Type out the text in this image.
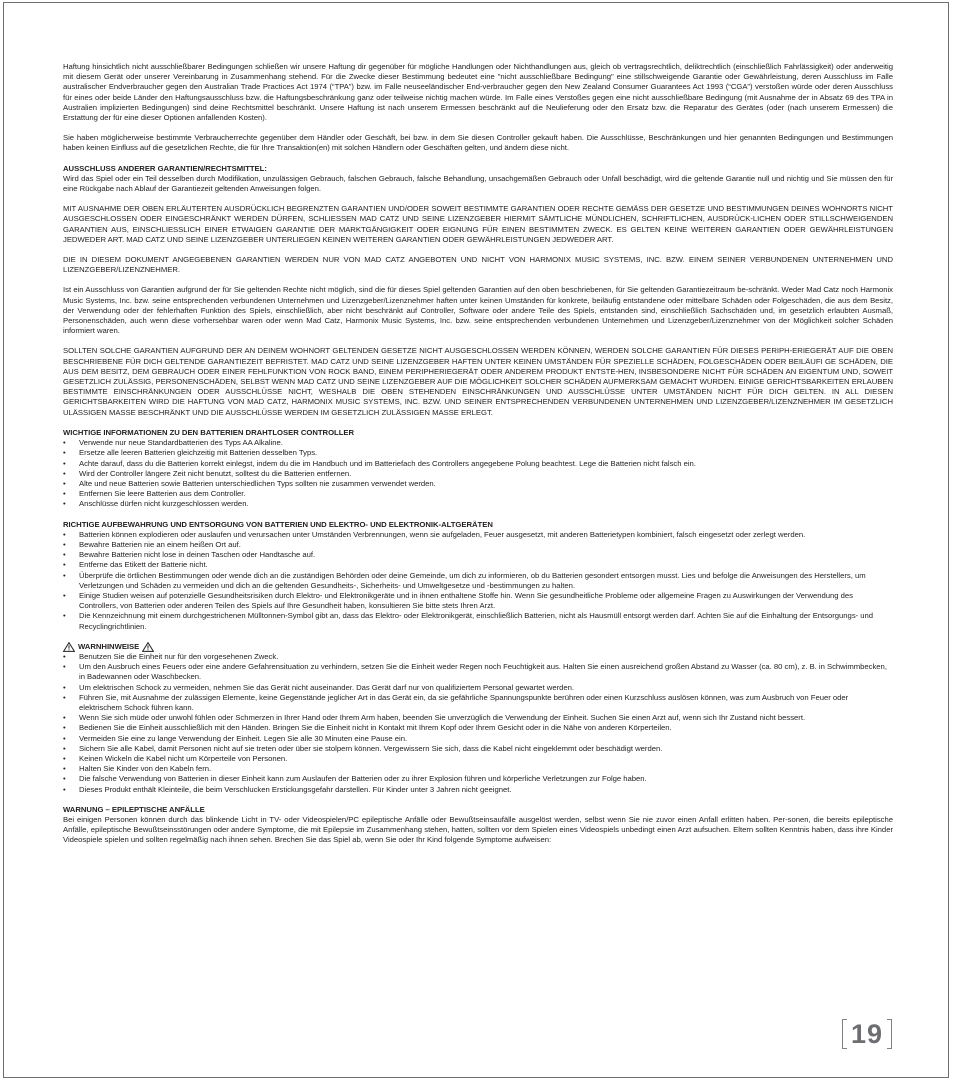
Haftung hinsichtlich nicht ausschließbarer Bedingungen schließen wir unsere Haftung dir gegenüber für mögliche Handlungen oder Nichthandlungen aus, gleich ob vertragsrechtlich, deliktrechtlich (einschließlich Fahrlässigkeit) oder anderweitig mit diesem Gerät oder unserer Vereinbarung in Zusammenhang stehend. Für die Zwecke dieser Bestimmung bedeutet eine "nicht ausschließbare Bedingung" eine stillschweigende Garantie oder Gewährleistung, deren Ausschluss im Falle australischer Endverbraucher gegen den Australian Trade Practices Act 1974 (“TPA”) bzw. im Falle neuseeländischer End-verbraucher gegen den New Zealand Consumer Guarantees Act 1993 (“CGA”) verstoßen würde oder deren Ausschluss für eines oder beide Länder den Haftungsausschluss bzw. die Haftungsbeschränkung ganz oder teilweise nichtig machen würde. Im Falle eines Verstoßes gegen eine nicht ausschließbare Bedingung (mit Ausnahme der in Absatz 69 des TPA in Australien implizierten Bedingungen) sind deine Rechtsmittel beschränkt. Unsere Haftung ist nach unserem Ermessen beschränkt auf die Neulieferung oder den Ersatz bzw. die Reparatur des Gerätes (oder (nach unserem Ermessen) die Erstattung der für eine dieser Optionen anfallenden Kosten).

Sie haben möglicherweise bestimmte Verbraucherrechte gegenüber dem Händler oder Geschäft, bei bzw. in dem Sie diesen Controller gekauft haben. Die Ausschlüsse, Beschränkungen und hier genannten Bedingungen und Bestimmungen haben keinen Einfluss auf die gesetzlichen Rechte, die für Ihre Transaktion(en) mit solchen Händlern oder Geschäften gelten, und ändern diese nicht.

AUSSCHLUSS ANDERER GARANTIEN/RECHTSMITTEL:

Wird das Spiel oder ein Teil desselben durch Modifikation, unzulässigen Gebrauch, falschen Gebrauch, falsche Behandlung, unsachgemäßen Gebrauch oder Unfall beschädigt, wird die geltende Garantie null und nichtig und Sie müssen den für eine Rückgabe nach Ablauf der Garantiezeit geltenden Anweisungen folgen.

MIT AUSNAHME DER OBEN ERLÄUTERTEN AUSDRÜCKLICH BEGRENZTEN GARANTIEN UND/ODER SOWEIT BESTIMMTE GARANTIEN ODER RECHTE GEMÄSS DER GESETZE UND BESTIMMUNGEN DEINES WOHNORTS NICHT AUSGESCHLOSSEN ODER EINGESCHRÄNKT WERDEN DÜRFEN, SCHLIESSEN MAD CATZ UND SEINE LIZENZGEBER HIERMIT SÄMTLICHE MÜNDLICHEN, SCHRIFTLICHEN, AUSDRÜCK-LICHEN ODER STILLSCHWEIGENDEN GARANTIEN AUS, EINSCHLIESSLICH EINER ETWAIGEN GARANTIE DER MARKTGÄNGIGKEIT ODER EIGNUNG FÜR EINEN BESTIMMTEN ZWECK. ES GELTEN KEINE WEITEREN GARANTIEN ODER GEWÄHRLEISTUNGEN JEDWEDER ART. MAD CATZ UND SEINE LIZENZGEBER UNTERLIEGEN KEINEN WEITEREN GARANTIEN ODER GEWÄHRLEISTUNGEN JEDWEDER ART.

DIE IN DIESEM DOKUMENT ANGEGEBENEN GARANTIEN WERDEN NUR VON MAD CATZ ANGEBOTEN UND NICHT VON HARMONIX MUSIC SYSTEMS, INC. BZW. EINEM SEINER VERBUNDENEN UNTERNEHMEN UND LIZENZGEBER/LIZENZNEHMER.

Ist ein Ausschluss von Garantien aufgrund der für Sie geltenden Rechte nicht möglich, sind die für dieses Spiel geltenden Garantien auf den oben beschriebenen, für Sie geltenden Garantiezeitraum be-schränkt. Weder Mad Catz noch Harmonix Music Systems, Inc. bzw. seine entsprechenden verbundenen Unternehmen und Lizenzgeber/Lizenznehmer haften unter keinen Umständen für konkrete, beiläufig entstandene oder mittelbare Schäden oder Folgeschäden, die aus dem Besitz, der Verwendung oder der fehlerhaften Funktion des Spiels, einschließlich, aber nicht beschränkt auf Controller, Software oder andere Teile des Spiels, entstanden sind, einschließlich Sachschäden und, im gesetzlich erlaubten Ausmaß, Personenschäden, auch wenn diese vorhersehbar waren oder wenn Mad Catz, Harmonix Music Systems, Inc. bzw. seine entsprechenden verbundenen Unternehmen und Lizenzgeber/Lizenznehmer von der Möglichkeit solcher Schäden informiert waren.

SOLLTEN SOLCHE GARANTIEN AUFGRUND DER AN DEINEM WOHNORT GELTENDEN GESETZE NICHT AUSGESCHLOSSEN WERDEN KÖNNEN, WERDEN SOLCHE GARANTIEN FÜR DIESES PERIPH-ERIEGERÄT AUF DIE OBEN BESCHRIEBENE FÜR DICH GELTENDE GARANTIEZEIT BEFRISTET. MAD CATZ UND SEINE LIZENZGEBER HAFTEN UNTER KEINEN UMSTÄNDEN FÜR SPEZIELLE SCHÄDEN, FOLGESCHÄDEN ODER BEILÄUFI GE SCHÄDEN, DIE AUS DEM BESITZ, DEM GEBRAUCH ODER EINER FEHLFUNKTION VON ROCK BAND, EINEM PERIPHERIEGERÄT ODER ANDEREM PRODUKT ENTSTE-HEN, INSBESONDERE NICHT FÜR SCHÄDEN AN EIGENTUM UND, SOWEIT GESETZLICH ZULÄSSIG, PERSONENSCHÄDEN, SELBST WENN MAD CATZ UND SEINE LIZENZGEBER AUF DIE MÖGLICHKEIT SOLCHER SCHÄDEN AUFMERKSAM GEMACHT WURDEN. EINIGE GERICHTSBARKEITEN ERLAUBEN BESTIMMTE EINSCHRÄNKUNGEN ODER AUSSCHLÜSSE NICHT, WESHALB DIE OBEN STEHENDEN EINSCHRÄNKUNGEN UND AUSSCHLÜSSE UNTER UMSTÄNDEN NICHT FÜR DICH GELTEN. IN ALL DIESEN GERICHTSBARKEITEN WIRD DIE HAFTUNG VON MAD CATZ, HARMONIX MUSIC SYSTEMS, INC. BZW. UND SEINER ENTSPRECHENDEN VERBUNDENEN UNTERNEHMEN UND LIZENZGEBER/LIZENZNEHMER IM GESETZLICH ULÄSSIGEN MASSE BESCHRÄNKT UND DIE AUSSCHLÜSSE WERDEN IM GESETZLICH ZULÄSSIGEN MASSE ERLEGT.

WICHTIGE INFORMATIONEN ZU DEN BATTERIEN DRAHTLOSER CONTROLLER

• Verwende nur neue Standardbatterien des Typs AA Alkaline.
• Ersetze alle leeren Batterien gleichzeitig mit Batterien desselben Typs.
• Achte darauf, dass du die Batterien korrekt einlegst, indem du die im Handbuch und im Batteriefach des Controllers angegebene Polung beachtest. Lege die Batterien nicht falsch ein.
• Wird der Controller längere Zeit nicht benutzt, solltest du die Batterien entfernen.
• Alte und neue Batterien sowie Batterien unterschiedlichen Typs sollten nie zusammen verwendet werden.
• Entfernen Sie leere Batterien aus dem Controller.
• Anschlüsse dürfen nicht kurzgeschlossen werden.

RICHTIGE AUFBEWAHRUNG UND ENTSORGUNG VON BATTERIEN UND ELEKTRO- UND ELEKTRONIK-ALTGERÄTEN

• Batterien können explodieren oder auslaufen und verursachen unter Umständen Verbrennungen, wenn sie aufgeladen, Feuer ausgesetzt, mit anderen Batterietypen kombiniert, falsch eingesetzt oder zerlegt werden.
• Bewahre Batterien nie an einem heißen Ort auf.
• Bewahre Batterien nicht lose in deinen Taschen oder Handtasche auf.
• Entferne das Etikett der Batterie nicht.
• Überprüfe die örtlichen Bestimmungen oder wende dich an die zuständigen Behörden oder deine Gemeinde, um dich zu informieren, ob du Batterien gesondert entsorgen musst. Lies und befolge die Anweisungen des Herstellers, um Verletzungen und Schäden zu vermeiden und dich an die geltenden Gesundheits-, Sicherheits- und Umweltgesetze und -bestimmungen zu halten.
• Einige Studien weisen auf potenzielle Gesundheitsrisiken durch Elektro- und Elektronikgeräte und in ihnen enthaltene Stoffe hin. Wenn Sie gesundheitliche Probleme oder allgemeine Fragen zu Auswirkungen der Verwendung des Controllers, von Batterien oder anderen Teilen des Spiels auf Ihre Gesundheit haben, konsultieren Sie bitte stets Ihren Arzt.
• Die Kennzeichnung mit einem durchgestrichenen Mülltonnen-Symbol gibt an, dass das Elektro- oder Elektronikgerät, einschließlich Batterien, nicht als Hausmüll entsorgt werden darf. Achten Sie auf die Einhaltung der Entsorgungs- und Recyclingrichtlinien.
WARNHINWEISE
• Benutzen Sie die Einheit nur für den vorgesehenen Zweck.
• Um den Ausbruch eines Feuers oder eine andere Gefahrensituation zu verhindern, setzen Sie die Einheit weder Regen noch Feuchtigkeit aus. Halten Sie einen ausreichend großen Abstand zu Wasser (ca. 80 cm), z. B. in Schwimmbecken, in Badewannen oder Waschbecken.
• Um elektrischen Schock zu vermeiden, nehmen Sie das Gerät nicht auseinander. Das Gerät darf nur von qualifiziertem Personal gewartet werden.
• Führen Sie, mit Ausnahme der zulässigen Elemente, keine Gegenstände jeglicher Art in das Gerät ein, da sie gefährliche Spannungspunkte berühren oder einen Kurzschluss auslösen können, was zum Ausbruch von Feuer oder elektrischem Schock führen kann.
• Wenn Sie sich müde oder unwohl fühlen oder Schmerzen in Ihrer Hand oder Ihrem Arm haben, beenden Sie unverzüglich die Verwendung der Einheit. Suchen Sie einen Arzt auf, wenn sich Ihr Zustand nicht bessert.
• Bedienen Sie die Einheit ausschließlich mit den Händen. Bringen Sie die Einheit nicht in Kontakt mit Ihrem Kopf oder Ihrem Gesicht oder in die Nähe von anderen Körperteilen.
• Vermeiden Sie eine zu lange Verwendung der Einheit. Legen Sie alle 30 Minuten eine Pause ein.
• Sichern Sie alle Kabel, damit Personen nicht auf sie treten oder über sie stolpern können. Vergewissern Sie sich, dass die Kabel nicht eingeklemmt oder beschädigt werden.
• Keinen Wickeln die Kabel nicht um Körperteile von Personen.
• Halten Sie Kinder von den Kabeln fern.
• Die falsche Verwendung von Batterien in dieser Einheit kann zum Auslaufen der Batterien oder zu ihrer Explosion führen und körperliche Verletzungen zur Folge haben.
• Dieses Produkt enthält Kleinteile, die beim Verschlucken Erstickungsgefahr darstellen. Für Kinder unter 3 Jahren nicht geeignet.

WARNUNG – EPILEPTISCHE ANFÄLLE

Bei einigen Personen können durch das blinkende Licht in TV- oder Videospielen/PC epileptische Anfälle oder Bewußtseinsaufälle ausgelöst werden, selbst wenn Sie nie zuvor einen Anfall erlitten haben. Per-sonen, die bereits epileptische Anfälle, epileptische Bewußtseinsstörungen oder andere Symptome, die mit Epilepsie im Zusammenhang stehen, hatten, sollten vor dem Spielen eines Videospiels unbedingt einen Arzt aufsuchen. Eltern sollten Kenntnis haben, dass ihre Kinder Videospiele spielen und sollten regelmäßig nach ihnen sehen. Brechen Sie das Spiel ab, wenn Sie oder Ihr Kind folgende Symptome aufweisen:

19
